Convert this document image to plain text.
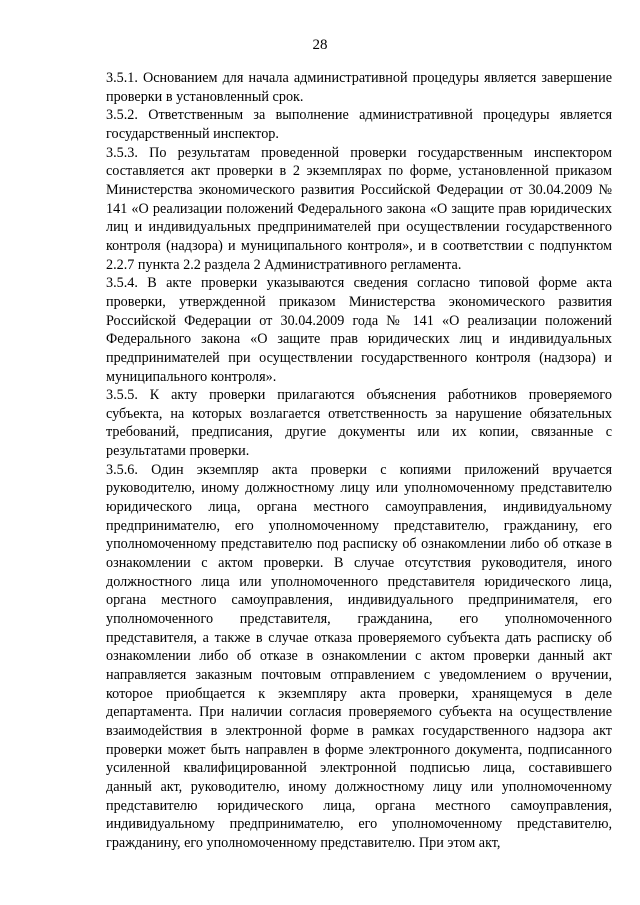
28

3.5.1. Основанием для начала административной процедуры является завершение проверки в установленный срок.

3.5.2. Ответственным за выполнение административной процедуры является государственный инспектор.

3.5.3. По результатам проведенной проверки государственным инспектором составляется акт проверки в 2 экземплярах по форме, установленной приказом Министерства экономического развития Российской Федерации от 30.04.2009 № 141 «О реализации положений Федерального закона «О защите прав юридических лиц и индивидуальных предпринимателей при осуществлении государственного контроля (надзора) и муниципального контроля», и в соответствии с подпунктом 2.2.7 пункта 2.2 раздела 2 Административного регламента.

3.5.4. В акте проверки указываются сведения согласно типовой форме акта проверки, утвержденной приказом Министерства экономического развития Российской Федерации от 30.04.2009 года № 141 «О реализации положений Федерального закона «О защите прав юридических лиц и индивидуальных предпринимателей при осуществлении государственного контроля (надзора) и муниципального контроля».

3.5.5. К акту проверки прилагаются объяснения работников проверяемого субъекта, на которых возлагается ответственность за нарушение обязательных требований, предписания, другие документы или их копии, связанные с результатами проверки.

3.5.6. Один экземпляр акта проверки с копиями приложений вручается руководителю, иному должностному лицу или уполномоченному представителю юридического лица, органа местного самоуправления, индивидуальному предпринимателю, его уполномоченному представителю, гражданину, его уполномоченному представителю под расписку об ознакомлении либо об отказе в ознакомлении с актом проверки. В случае отсутствия руководителя, иного должностного лица или уполномоченного представителя юридического лица, органа местного самоуправления, индивидуального предпринимателя, его уполномоченного представителя, гражданина, его уполномоченного представителя, а также в случае отказа проверяемого субъекта дать расписку об ознакомлении либо об отказе в ознакомлении с актом проверки данный акт направляется заказным почтовым отправлением с уведомлением о вручении, которое приобщается к экземпляру акта проверки, хранящемуся в деле департамента. При наличии согласия проверяемого субъекта на осуществление взаимодействия в электронной форме в рамках государственного надзора акт проверки может быть направлен в форме электронного документа, подписанного усиленной квалифицированной электронной подписью лица, составившего данный акт, руководителю, иному должностному лицу или уполномоченному представителю юридического лица, органа местного самоуправления, индивидуальному предпринимателю, его уполномоченному представителю, гражданину, его уполномоченному представителю. При этом акт,
